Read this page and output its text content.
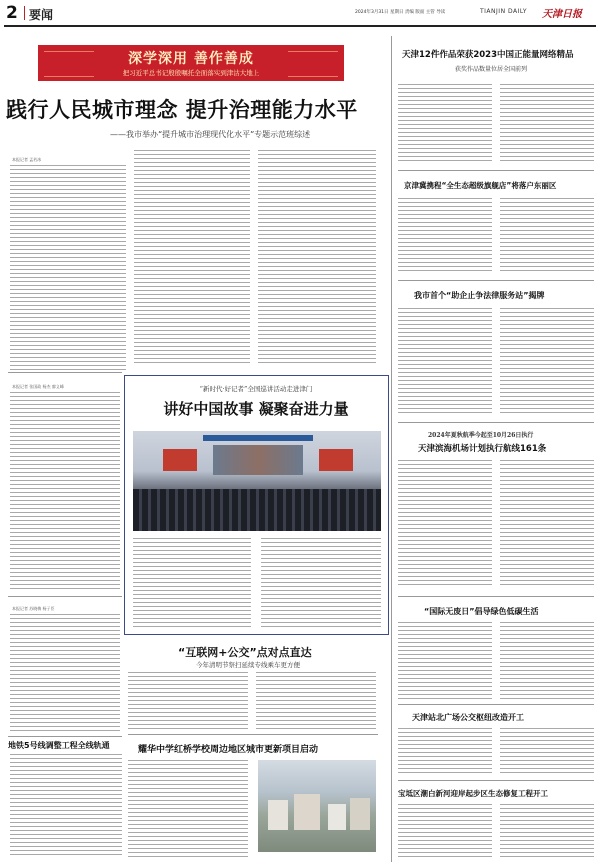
2 要闻	2024年3月31日 星期日 责编 版面 主管 导读	TIANJIN DAILY 天津日报
深学深用 善作善成
把习近平总书记殷殷嘱托全面落实到津沽大地上
践行人民城市理念 提升治理能力水平
——我市举办“提升城市治理现代化水平”专题示范班综述
本报记者 孟若冰
本报记者 张国政 杨杰 廖义峰
本报记者 苏晓梅 杨子臣
“新时代·好记者”全国巡讲活动走进津门
讲好中国故事 凝聚奋进力量
“互联网+公交”点对点直达
今年清明节祭扫延续专线乘车更方便
地铁5号线调整工程全线轨通	耀华中学红桥学校周边地区城市更新项目启动
天津12件作品荣获2023中国正能量网络精品
获奖作品数量位居全国前列
京津冀携程“全生态超级旗舰店”将落户东丽区
我市首个“助企止争法律服务站”揭牌
2024年夏秋航季今起至10月26日执行
天津滨海机场计划执行航线161条
“国际无废日”倡导绿色低碳生活
天津站北广场公交枢纽改造开工
宝坻区潮白新河迎岸起步区生态修复工程开工
